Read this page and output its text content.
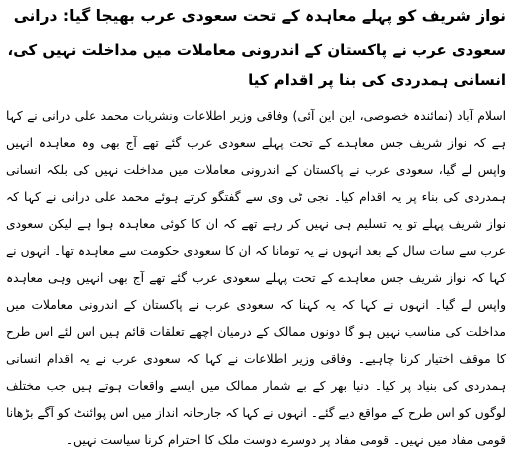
نواز شریف کو پہلے معاہدہ کے تحت سعودی عرب بھیجا گیا: درانی
سعودی عرب نے پاکستان کے اندرونی معاملات میں مداخلت نہیں کی، انسانی ہمدردی کی بنا پر اقدام کیا

اسلام آباد (نمائندہ خصوصی، این این آئی) وفاقی وزیر اطلاعات ونشریات محمد علی درانی نے کہا ہے کہ نواز شریف جس معاہدے کے تحت پہلے سعودی عرب گئے تھے آج بھی وہ معاہدہ انہیں واپس لے گیا، سعودی عرب نے پاکستان کے اندرونی معاملات میں مداخلت نہیں کی بلکہ انسانی ہمدردی کی بناء پر یہ اقدام کیا۔ نجی ٹی وی سے گفتگو کرتے ہوئے محمد علی درانی نے کہا کہ نواز شریف پہلے تو یہ تسلیم ہی نہیں کر رہے تھے کہ ان کا کوئی معاہدہ ہوا ہے لیکن سعودی عرب سے سات سال کے بعد انہوں نے یہ تومانا کہ ان کا سعودی حکومت سے معاہدہ تھا۔ انہوں نے کہا کہ نواز شریف جس معاہدے کے تحت پہلے سعودی عرب گئے تھے آج بھی انہیں وہی معاہدہ واپس لے گیا۔ انہوں نے کہا کہ یہ کہنا کہ سعودی عرب نے پاکستان کے اندرونی معاملات میں مداخلت کی مناسب نہیں ہو گا دونوں ممالک کے درمیان اچھے تعلقات قائم ہیں اس لئے اس طرح کا موقف اختیار کرنا چاہیے۔ وفاقی وزیر اطلاعات نے کہا کہ سعودی عرب نے یہ اقدام انسانی ہمدردی کی بنیاد پر کیا۔ دنیا بھر کے بے شمار ممالک میں ایسے واقعات ہوتے ہیں جب مختلف لوگوں کو اس طرح کے مواقع دیے گئے۔ انہوں نے کہا کہ جارحانہ انداز میں اس پوائنٹ کو آگے بڑھانا قومی مفاد میں نہیں۔ قومی مفاد پر دوسرے دوست ملک کا احترام کرنا سیاست نہیں۔
